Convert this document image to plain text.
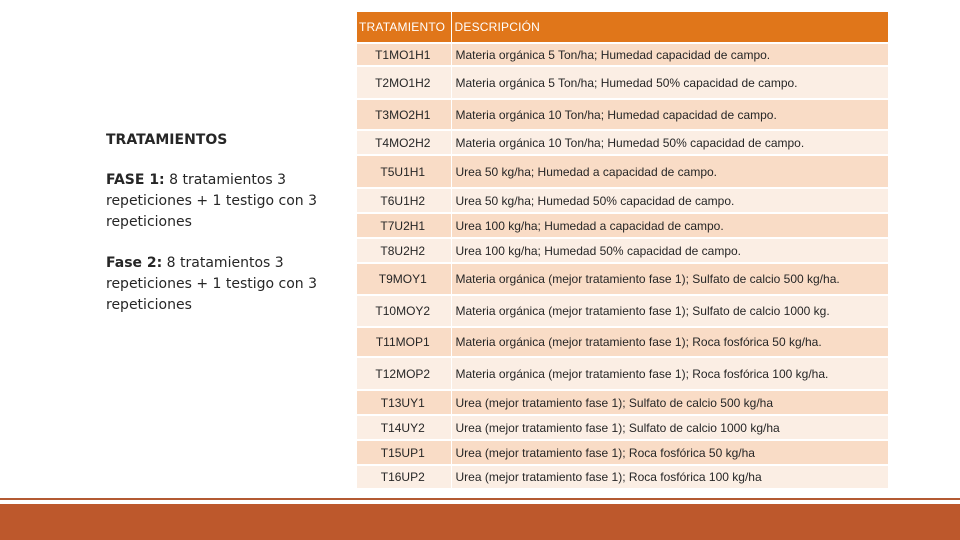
TRATAMIENTOS
FASE 1: 8 tratamientos 3 repeticiones + 1 testigo con 3 repeticiones
Fase 2: 8 tratamientos 3 repeticiones + 1 testigo con 3 repeticiones
TRATAMIENTO	DESCRIPCIÓN
T1MO1H1	Materia orgánica 5 Ton/ha; Humedad capacidad de campo.
T2MO1H2	Materia orgánica 5 Ton/ha; Humedad 50% capacidad de campo.
T3MO2H1	Materia orgánica 10 Ton/ha; Humedad capacidad de campo.
T4MO2H2	Materia orgánica 10 Ton/ha; Humedad 50% capacidad de campo.
T5U1H1	Urea 50 kg/ha; Humedad a capacidad de campo.
T6U1H2	Urea 50 kg/ha; Humedad 50% capacidad de campo.
T7U2H1	Urea 100 kg/ha; Humedad a capacidad de campo.
T8U2H2	Urea 100 kg/ha; Humedad 50% capacidad de campo.
T9MOY1	Materia orgánica (mejor tratamiento fase 1); Sulfato de calcio 500 kg/ha.
T10MOY2	Materia orgánica (mejor tratamiento fase 1); Sulfato de calcio 1000 kg.
T11MOP1	Materia orgánica (mejor tratamiento fase 1); Roca fosfórica 50 kg/ha.
T12MOP2	Materia orgánica (mejor tratamiento fase 1); Roca fosfórica 100 kg/ha.
T13UY1	Urea (mejor tratamiento fase 1); Sulfato de calcio 500 kg/ha
T14UY2	Urea (mejor tratamiento fase 1); Sulfato de calcio 1000 kg/ha
T15UP1	Urea (mejor tratamiento fase 1); Roca fosfórica 50 kg/ha
T16UP2	Urea (mejor tratamiento fase 1); Roca fosfórica 100 kg/ha
